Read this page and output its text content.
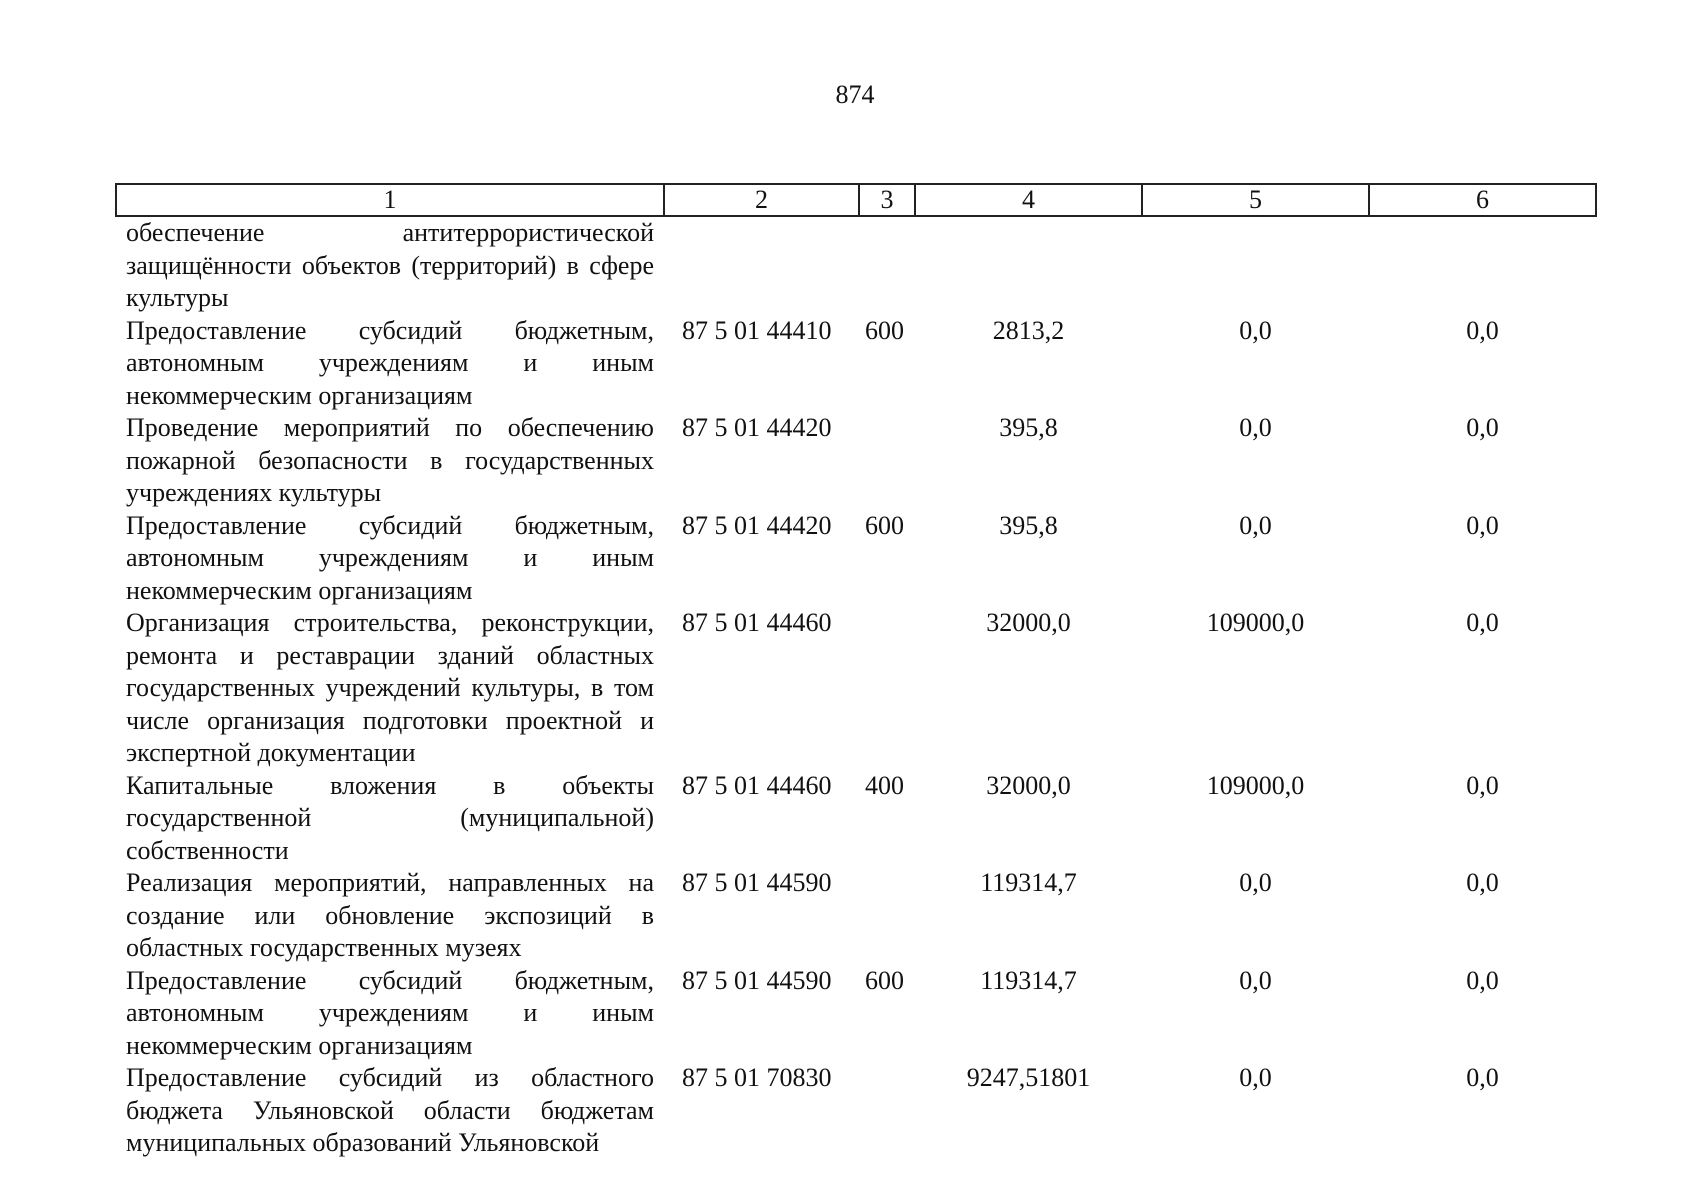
874
1	2	3	4	5	6
обеспечение антитеррористической защищённости объектов (территорий) в сфере культуры					
Предоставление субсидий бюджетным, автономным учреждениям и иным некоммерческим организациям	87 5 01 44410	600	2813,2	0,0	0,0
Проведение мероприятий по обеспечению пожарной безопасности в государственных учреждениях культуры	87 5 01 44420		395,8	0,0	0,0
Предоставление субсидий бюджетным, автономным учреждениям и иным некоммерческим организациям	87 5 01 44420	600	395,8	0,0	0,0
Организация строительства, реконструкции, ремонта и реставрации зданий областных государственных учреждений культуры, в том числе организация подготовки проектной и экспертной документации	87 5 01 44460		32000,0	109000,0	0,0
Капитальные вложения в объекты государственной (муниципальной) собственности	87 5 01 44460	400	32000,0	109000,0	0,0
Реализация мероприятий, направленных на создание или обновление экспозиций в областных государственных музеях	87 5 01 44590		119314,7	0,0	0,0
Предоставление субсидий бюджетным, автономным учреждениям и иным некоммерческим организациям	87 5 01 44590	600	119314,7	0,0	0,0
Предоставление субсидий из областного бюджета Ульяновской области бюджетам муниципальных образований Ульяновской	87 5 01 70830		9247,51801	0,0	0,0
